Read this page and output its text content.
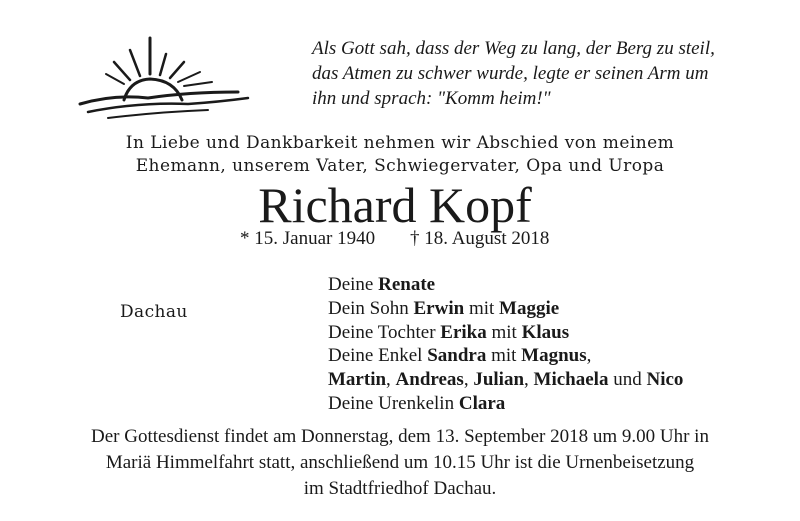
Als Gott sah, dass der Weg zu lang, der Berg zu steil,
das Atmen zu schwer wurde, legte er seinen Arm um
ihn und sprach: "Komm heim!"
In Liebe und Dankbarkeit nehmen wir Abschied von meinem
Ehemann, unserem Vater, Schwiegervater, Opa und Uropa
Richard Kopf
* 15. Januar 1940 † 18. August 2018
Dachau
Deine Renate
Dein Sohn Erwin mit Maggie
Deine Tochter Erika mit Klaus
Deine Enkel Sandra mit Magnus,
Martin, Andreas, Julian, Michaela und Nico
Deine Urenkelin Clara
Der Gottesdienst findet am Donnerstag, dem 13. September 2018 um 9.00 Uhr in
Mariä Himmelfahrt statt, anschließend um 10.15 Uhr ist die Urnenbeisetzung
im Stadtfriedhof Dachau.
